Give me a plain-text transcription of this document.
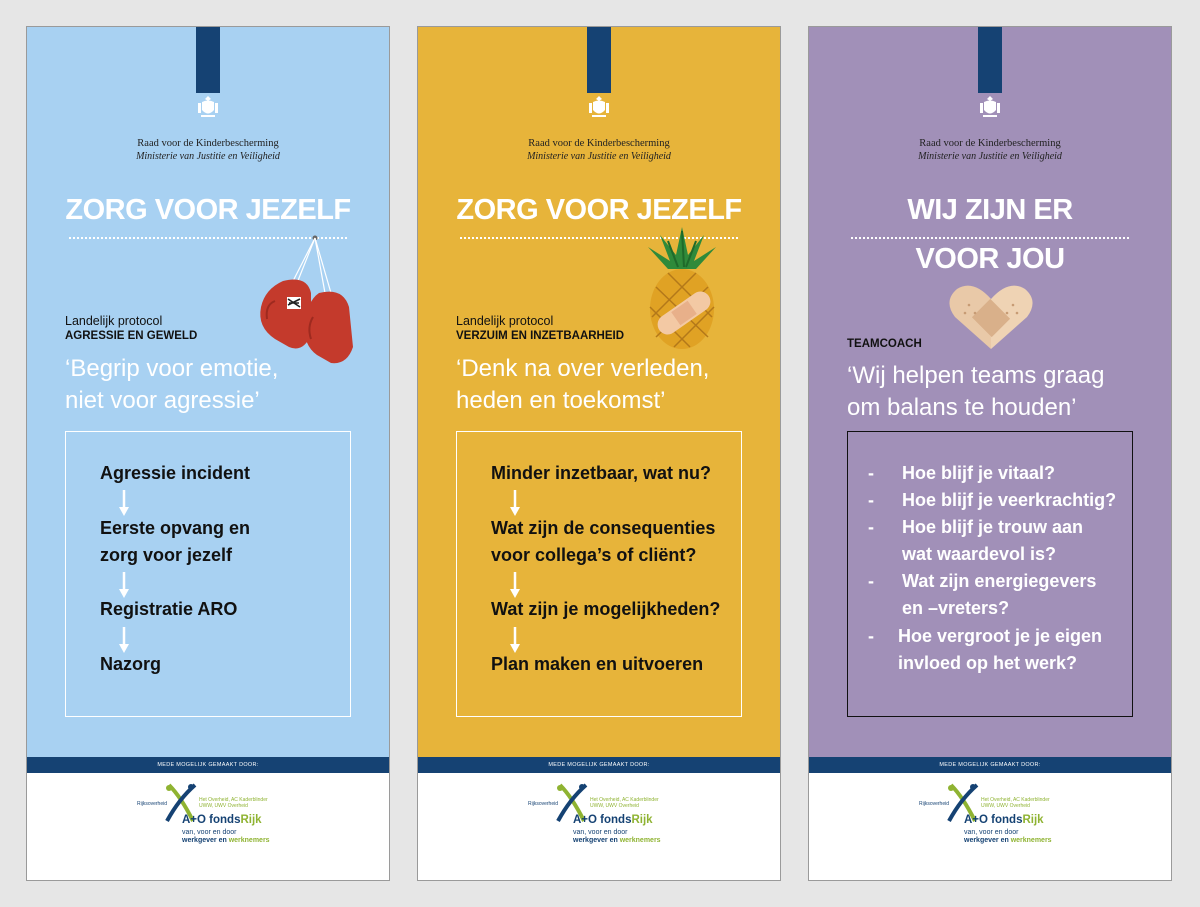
Raad voor de Kinderbescherming
Ministerie van Justitie en Veiligheid
ZORG VOOR JEZELF
Landelijk protocol
AGRESSIE EN GEWELD
‘Begrip voor emotie,
niet voor agressie’
Agressie incident
Eerste opvang en
zorg voor jezelf
Registratie ARO
Nazorg
MEDE MOGELIJK GEMAAKT DOOR:
Rijksoverheid
Het Overheid, AC Kaderblinder UWW, UWV Overheid
A+O fondsRijk
van, voor en door
werkgever en werknemers
Raad voor de Kinderbescherming
Ministerie van Justitie en Veiligheid
ZORG VOOR JEZELF
Landelijk protocol
VERZUIM EN INZETBAARHEID
‘Denk na over verleden,
heden en toekomst’
Minder inzetbaar, wat nu?
Wat zijn de consequenties
voor collega’s of cliënt?
Wat zijn je mogelijkheden?
Plan maken en uitvoeren
MEDE MOGELIJK GEMAAKT DOOR:
Rijksoverheid
Het Overheid, AC Kaderblinder UWW, UWV Overheid
A+O fondsRijk
van, voor en door
werkgever en werknemers
Raad voor de Kinderbescherming
Ministerie van Justitie en Veiligheid
WIJ ZIJN ER
VOOR JOU
TEAMCOACH
‘Wij helpen teams graag
om balans te houden’
- Hoe blijf je vitaal?
- Hoe blijf je veerkrachtig?
- Hoe blijf je trouw aan
wat waardevol is?
- Wat zijn energiegevers
en –vreters?
- Hoe vergroot je je eigen
invloed op het werk?
MEDE MOGELIJK GEMAAKT DOOR:
Rijksoverheid
Het Overheid, AC Kaderblinder UWW, UWV Overheid
A+O fondsRijk
van, voor en door
werkgever en werknemers
